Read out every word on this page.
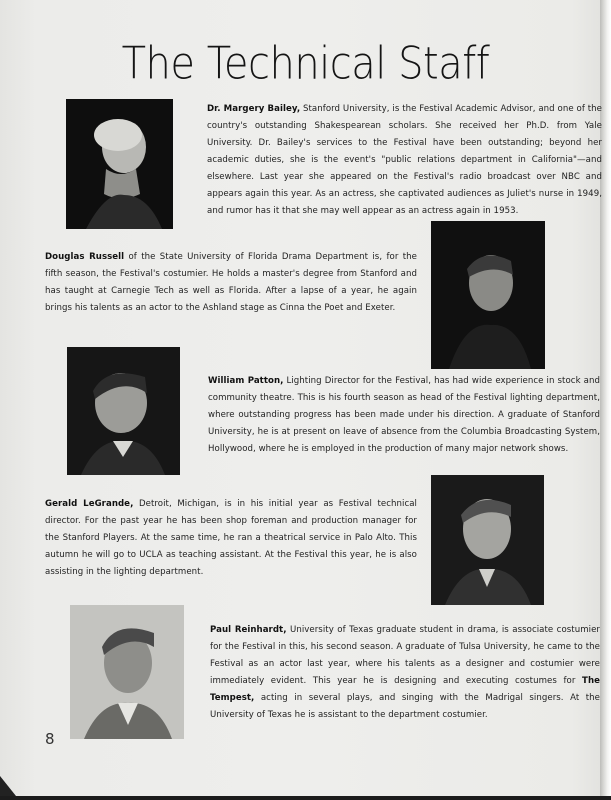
The Technical Staff
Dr. Margery Bailey, Stanford University, is the Festival Academic Advisor, and one of the country's outstanding Shakespearean scholars. She received her Ph.D. from Yale University. Dr. Bailey's services to the Festival have been outstanding; beyond her academic duties, she is the event's "public relations department in California"—and elsewhere. Last year she appeared on the Festival's radio broadcast over NBC and appears again this year. As an actress, she captivated audiences as Juliet's nurse in 1949, and rumor has it that she may well appear as an actress again in 1953.
Douglas Russell of the State University of Florida Drama Department is, for the fifth season, the Festival's costumier. He holds a master's degree from Stanford and has taught at Carnegie Tech as well as Florida. After a lapse of a year, he again brings his talents as an actor to the Ashland stage as Cinna the Poet and Exeter.
William Patton, Lighting Director for the Festival, has had wide experience in stock and community theatre. This is his fourth season as head of the Festival lighting department, where outstanding progress has been made under his direction. A graduate of Stanford University, he is at present on leave of absence from the Columbia Broadcasting System, Hollywood, where he is employed in the production of many major network shows.
Gerald LeGrande, Detroit, Michigan, is in his initial year as Festival technical director. For the past year he has been shop foreman and production manager for the Stanford Players. At the same time, he ran a theatrical service in Palo Alto. This autumn he will go to UCLA as teaching assistant. At the Festival this year, he is also assisting in the lighting department.
Paul Reinhardt, University of Texas graduate student in drama, is associate costumier for the Festival in this, his second season. A graduate of Tulsa University, he came to the Festival as an actor last year, where his talents as a designer and costumier were immediately evident. This year he is designing and executing costumes for The Tempest, acting in several plays, and singing with the Madrigal singers. At the University of Texas he is assistant to the department costumier.
8
